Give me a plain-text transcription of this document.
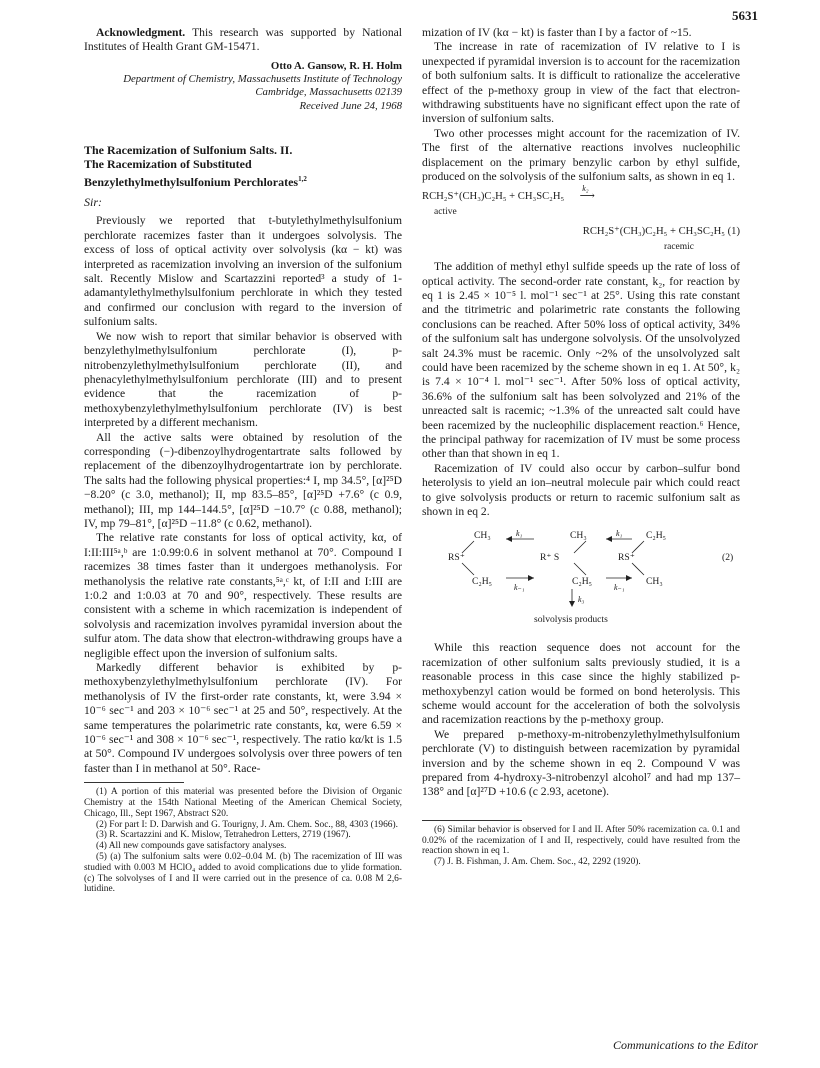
5631

Acknowledgment. This research was supported by National Institutes of Health Grant GM-15471.

Otto A. Gansow, R. H. Holm
Department of Chemistry, Massachusetts Institute of Technology
Cambridge, Massachusetts 02139
Received June 24, 1968
The Racemization of Sulfonium Salts. II.
The Racemization of Substituted
Benzylethylmethylsulfonium Perchlorates$^{1,2}$
Sir:

Previously we reported that t-butylethylmethylsulfonium perchlorate racemizes faster than it undergoes solvolysis. The excess of loss of optical activity over solvolysis (kα − kt) was interpreted as racemization involving an inversion of the sulfonium salt. Recently Mislow and Scartazzini reported³ a study of 1-adamantylethylmethylsulfonium perchlorate in which they tested and confirmed our conclusion with regard to the inversion of sulfonium salts.

We now wish to report that similar behavior is observed with benzylethylmethylsulfonium perchlorate (I), p-nitrobenzylethylmethylsulfonium perchlorate (II), and phenacylethylmethylsulfonium perchlorate (III) and to present evidence that the racemization of p-methoxybenzylethylmethylsulfonium perchlorate (IV) is best interpreted by a different mechanism.

All the active salts were obtained by resolution of the corresponding (−)-dibenzoylhydrogentartrate salts followed by replacement of the dibenzoylhydrogentartrate ion by perchlorate. The salts had the following physical properties:⁴ I, mp 34.5°, [α]²⁵D −8.20° (c 3.0, methanol); II, mp 83.5–85°, [α]²⁵D +7.6° (c 0.9, methanol); III, mp 144–144.5°, [α]²⁵D −10.7° (c 0.88, methanol); IV, mp 79–81°, [α]²⁵D −11.8° (c 0.62, methanol).

The relative rate constants for loss of optical activity, kα, of I:II:III⁵ᵃ,ᵇ are 1:0.99:0.6 in solvent methanol at 70°. Compound I racemizes 38 times faster than it undergoes methanolysis. For methanolysis the relative rate constants,⁵ᵃ,ᶜ kt, of I:II and I:III are 1:0.2 and 1:0.03 at 70 and 90°, respectively. These results are consistent with a scheme in which racemization is independent of solvolysis and racemization involves pyramidal inversion about the sulfur atom. The data show that electron-withdrawing groups have a negligible effect upon the inversion of sulfonium salts.

Markedly different behavior is exhibited by p-methoxybenzylethylmethylsulfonium perchlorate (IV). For methanolysis of IV the first-order rate constants, kt, were 3.94 × 10⁻⁶ sec⁻¹ and 203 × 10⁻⁶ sec⁻¹ at 25 and 50°, respectively. At the same temperatures the polarimetric rate constants, kα, were 6.59 × 10⁻⁶ sec⁻¹ and 308 × 10⁻⁶ sec⁻¹, respectively. The ratio kα/kt is 1.5 at 50°. Compound IV undergoes solvolysis over three powers of ten faster than I in methanol at 50°. Race-

(1) A portion of this material was presented before the Division of Organic Chemistry at the 154th National Meeting of the American Chemical Society, Chicago, Ill., Sept 1967, Abstract S20.

(2) For part I: D. Darwish and G. Tourigny, J. Am. Chem. Soc., 88, 4303 (1966).

(3) R. Scartazzini and K. Mislow, Tetrahedron Letters, 2719 (1967).

(4) All new compounds gave satisfactory analyses.

(5) (a) The sulfonium salts were 0.02–0.04 M. (b) The racemization of III was studied with 0.003 M HClO₄ added to avoid complications due to ylide formation. (c) The solvolyses of I and II were carried out in the presence of ca. 0.08 M 2,6-lutidine.

mization of IV (kα − kt) is faster than I by a factor of ~15.

The increase in rate of racemization of IV relative to I is unexpected if pyramidal inversion is to account for the racemization of both sulfonium salts. It is difficult to rationalize the accelerative effect of the p-methoxy group in view of the fact that electron-withdrawing substituents have no significant effect upon the rate of inversion of sulfonium salts.

Two other processes might account for the racemization of IV. The first of the alternative reactions involves nucleophilic displacement on the primary benzylic carbon by ethyl sulfide, produced on the solvolysis of the sulfonium salts, as shown in eq 1.

RCH₂S⁺(CH₃)C₂H₅ + CH₃SC₂H₅
k₂
⟶
active
RCH₂S⁺(CH₃)C₂H₅ + CH₃SC₂H₅ (1)
racemic

The addition of methyl ethyl sulfide speeds up the rate of loss of optical activity. The second-order rate constant, k₂, for reaction by eq 1 is 2.45 × 10⁻⁵ l. mol⁻¹ sec⁻¹ at 25°. Using this rate constant and the titrimetric and polarimetric rate constants the following conclusions can be reached. After 50% loss of optical activity, 34% of the sulfonium salt has undergone solvolysis. Of the unsolvolyzed salt 24.3% must be racemic. Only ~2% of the unsolvolyzed salt could have been racemized by the scheme shown in eq 1. At 50°, k₂ is 7.4 × 10⁻⁴ l. mol⁻¹ sec⁻¹. After 50% loss of optical activity, 36.6% of the sulfonium salt has been solvolyzed and 21% of the unreacted salt is racemic; ~1.3% of the unreacted salt could have been racemized by the nucleophilic displacement reaction.⁶ Hence, the principal pathway for racemization of IV must be some process other than that shown in eq 1.

Racemization of IV could also occur by carbon–sulfur bond heterolysis to yield an ion–neutral molecule pair which could react to give solvolysis products or return to racemic sulfonium salt as shown in eq 2.

CH₃	k₁	CH₃	k₁ C₂H₅
RS⁺	R⁺ S	RS⁺	(2)
C₂H₅
k₋₁
C₂H₅
k₋₁
CH₃
k₃
solvolysis products

While this reaction sequence does not account for the racemization of other sulfonium salts previously studied, it is a reasonable process in this case since the highly stabilized p-methoxybenzyl cation would be formed on bond heterolysis. This scheme would account for the acceleration of both the solvolysis and racemization reactions by the p-methoxy group.

We prepared p-methoxy-m-nitrobenzylethylmethylsulfonium perchlorate (V) to distinguish between racemization by pyramidal inversion and by the scheme shown in eq 2. Compound V was prepared from 4-hydroxy-3-nitrobenzyl alcohol⁷ and had mp 137–138° and [α]²⁷D +10.6 (c 2.93, acetone).

(6) Similar behavior is observed for I and II. After 50% racemization ca. 0.1 and 0.02% of the racemization of I and II, respectively, could have resulted from the reaction shown in eq 1.

(7) J. B. Fishman, J. Am. Chem. Soc., 42, 2292 (1920).

Communications to the Editor
